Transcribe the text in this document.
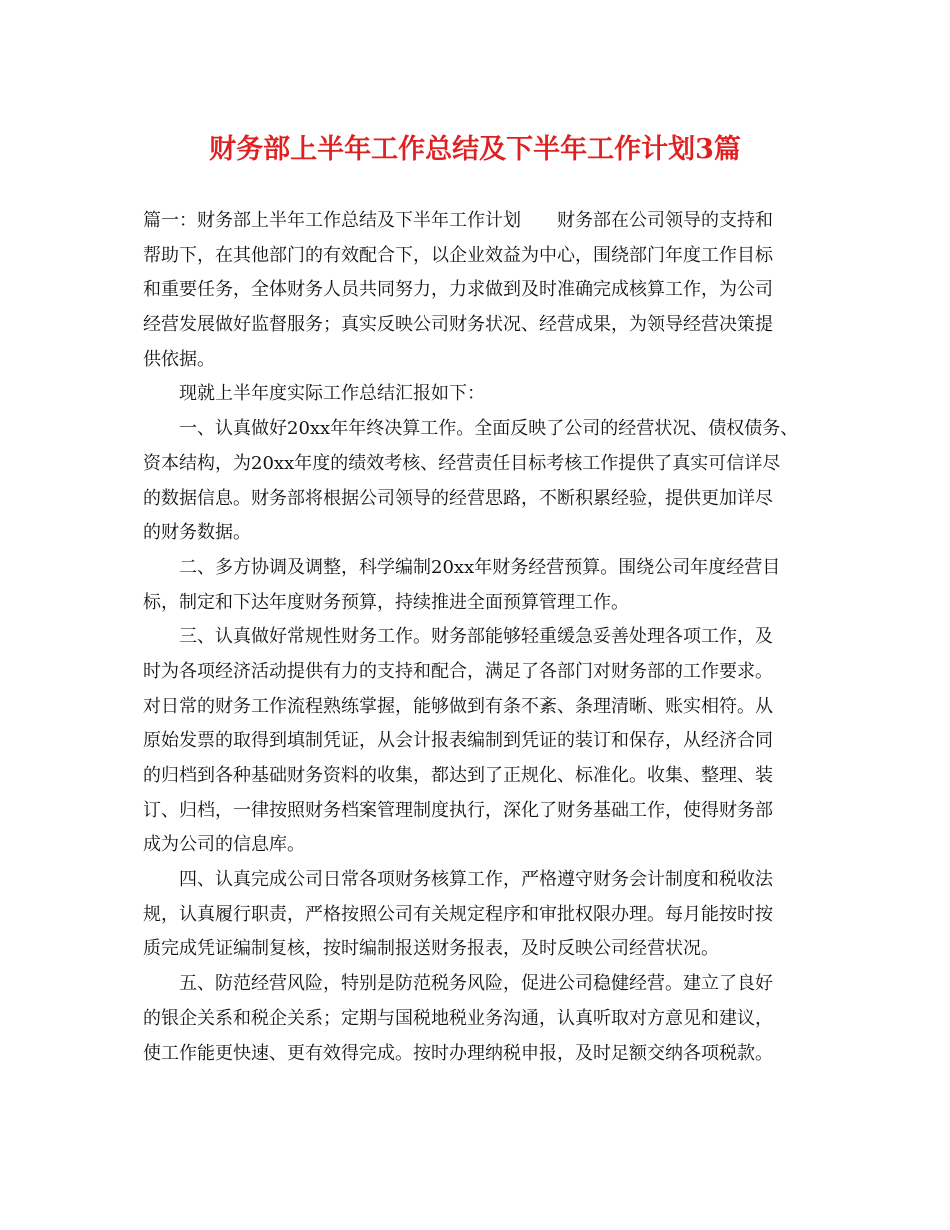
财务部上半年工作总结及下半年工作计划3篇

篇一：财务部上半年工作总结及下半年工作计划　　财务部在公司领导的支持和

帮助下，在其他部门的有效配合下，以企业效益为中心，围绕部门年度工作目标

和重要任务，全体财务人员共同努力，力求做到及时准确完成核算工作，为公司

经营发展做好监督服务；真实反映公司财务状况、经营成果，为领导经营决策提

供依据。

　　现就上半年度实际工作总结汇报如下：

　　一、认真做好20xx年年终决算工作。全面反映了公司的经营状况、债权债务、

资本结构，为20xx年度的绩效考核、经营责任目标考核工作提供了真实可信详尽

的数据信息。财务部将根据公司领导的经营思路，不断积累经验，提供更加详尽

的财务数据。

　　二、多方协调及调整，科学编制20xx年财务经营预算。围绕公司年度经营目

标，制定和下达年度财务预算，持续推进全面预算管理工作。

　　三、认真做好常规性财务工作。财务部能够轻重缓急妥善处理各项工作，及

时为各项经济活动提供有力的支持和配合，满足了各部门对财务部的工作要求。

对日常的财务工作流程熟练掌握，能够做到有条不紊、条理清晰、账实相符。从

原始发票的取得到填制凭证，从会计报表编制到凭证的装订和保存，从经济合同

的归档到各种基础财务资料的收集，都达到了正规化、标准化。收集、整理、装

订、归档，一律按照财务档案管理制度执行，深化了财务基础工作，使得财务部

成为公司的信息库。

　　四、认真完成公司日常各项财务核算工作，严格遵守财务会计制度和税收法

规，认真履行职责，严格按照公司有关规定程序和审批权限办理。每月能按时按

质完成凭证编制复核，按时编制报送财务报表，及时反映公司经营状况。

　　五、防范经营风险，特别是防范税务风险，促进公司稳健经营。建立了良好

的银企关系和税企关系；定期与国税地税业务沟通，认真听取对方意见和建议，

使工作能更快速、更有效得完成。按时办理纳税申报，及时足额交纳各项税款。
